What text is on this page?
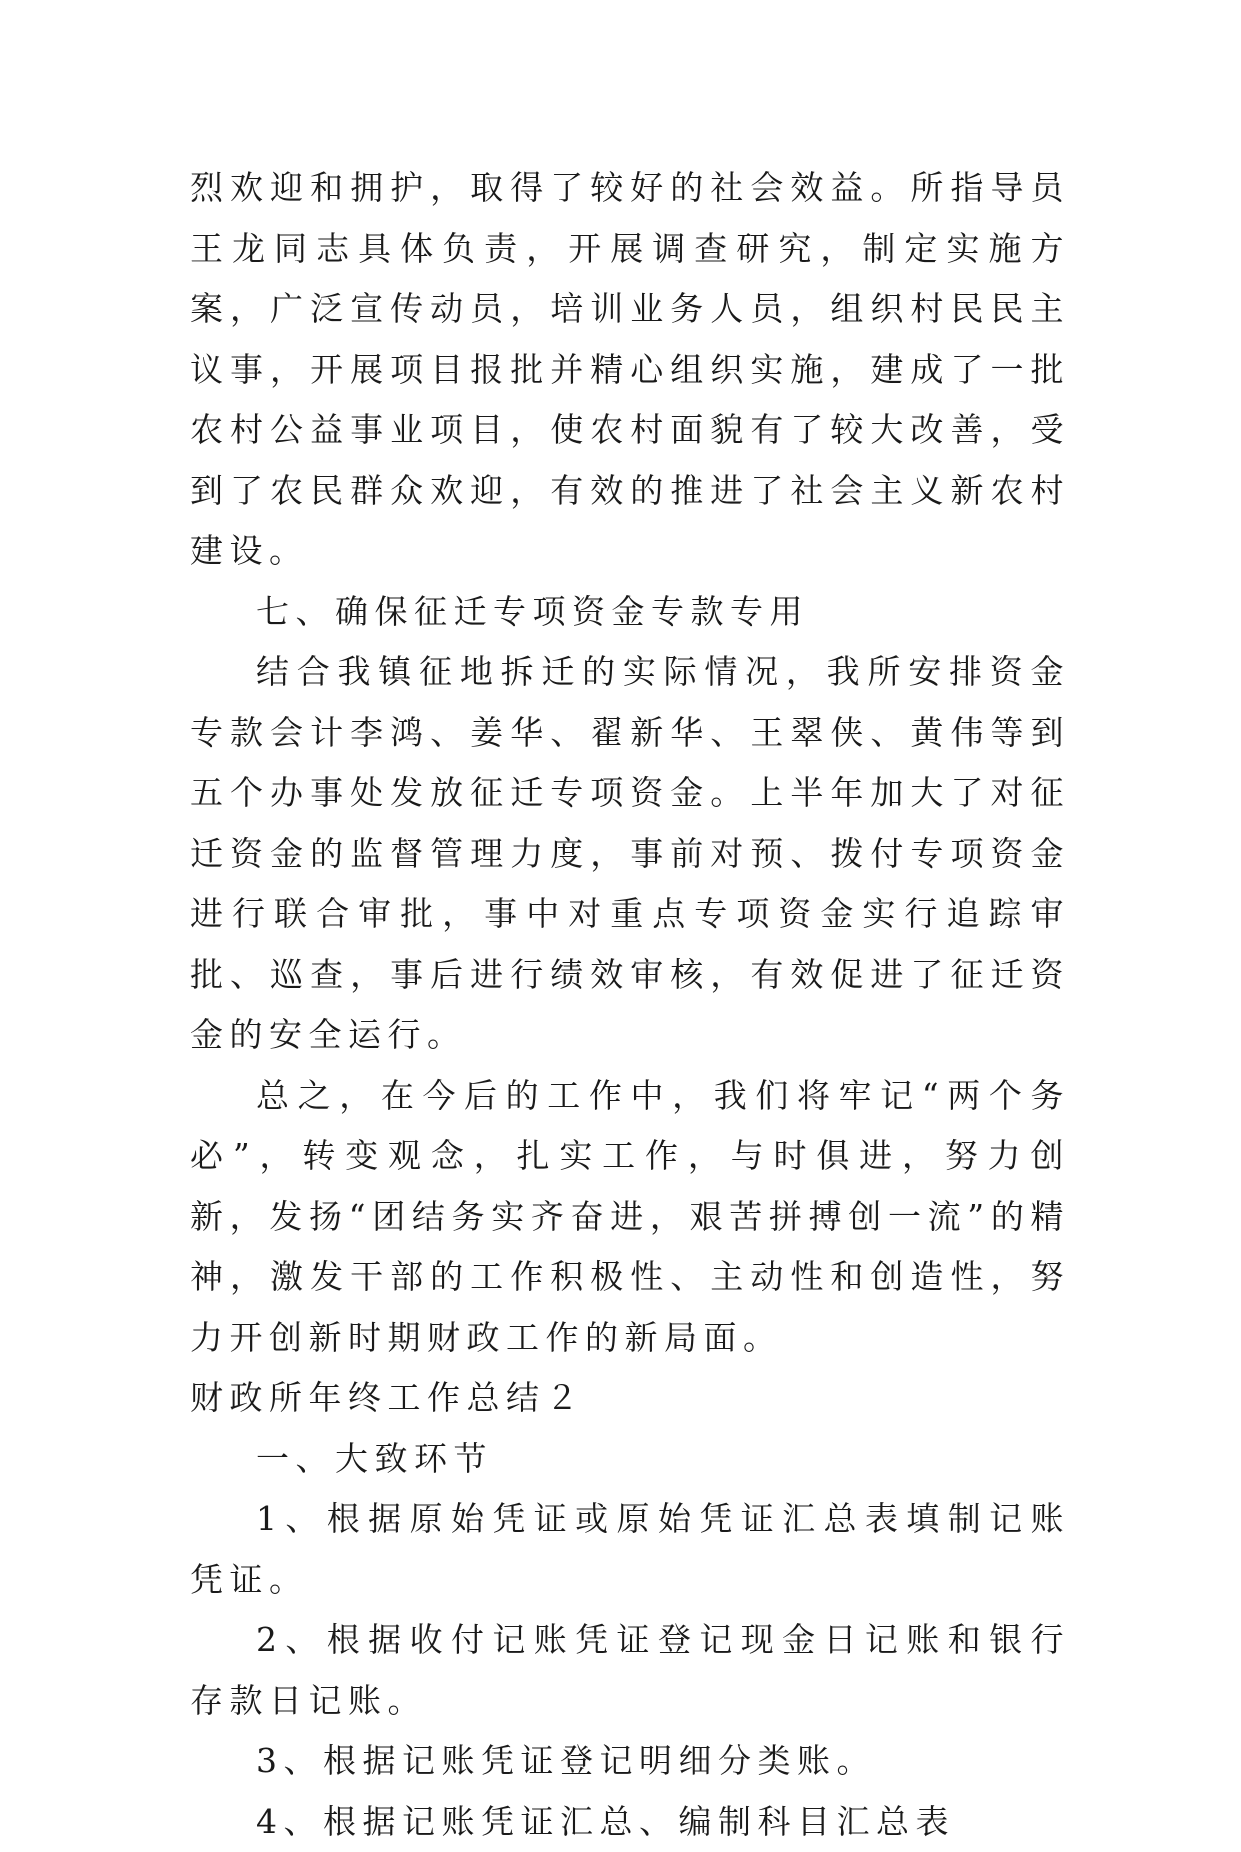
烈欢迎和拥护，取得了较好的社会效益。所指导员王龙同志具体负责，开展调查研究，制定实施方案，广泛宣传动员，培训业务人员，组织村民民主议事，开展项目报批并精心组织实施，建成了一批农村公益事业项目，使农村面貌有了较大改善，受到了农民群众欢迎，有效的推进了社会主义新农村建设。

七、确保征迁专项资金专款专用

结合我镇征地拆迁的实际情况，我所安排资金专款会计李鸿、姜华、翟新华、王翠侠、黄伟等到五个办事处发放征迁专项资金。上半年加大了对征迁资金的监督管理力度，事前对预、拨付专项资金进行联合审批，事中对重点专项资金实行追踪审批、巡查，事后进行绩效审核，有效促进了征迁资金的安全运行。

总之，在今后的工作中，我们将牢记“两个务必”，转变观念，扎实工作，与时俱进，努力创新，发扬“团结务实齐奋进，艰苦拼搏创一流”的精神，激发干部的工作积极性、主动性和创造性，努力开创新时期财政工作的新局面。

财政所年终工作总结２

一、大致环节

1、根据原始凭证或原始凭证汇总表填制记账凭证。

2、根据收付记账凭证登记现金日记账和银行存款日记账。

3、根据记账凭证登记明细分类账。

4、根据记账凭证汇总、编制科目汇总表
